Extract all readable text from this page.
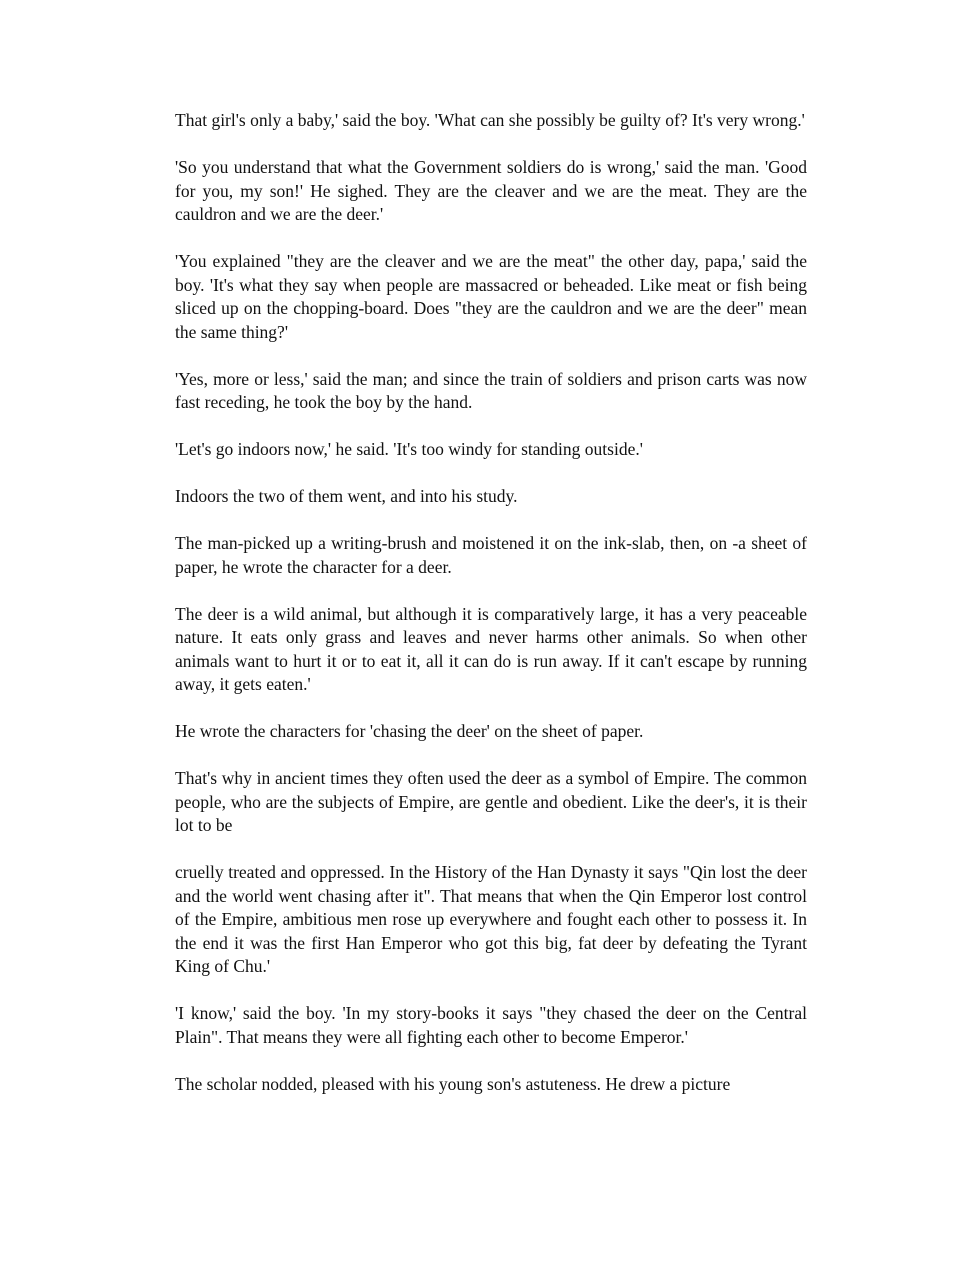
That girl's only a baby,' said the boy. 'What can she possibly be guilty of? It's very wrong.'

'So you understand that what the Government soldiers do is wrong,' said the man. 'Good for you, my son!' He sighed. They are the cleaver and we are the meat. They are the cauldron and we are the deer.'

'You explained "they are the cleaver and we are the meat" the other day, papa,' said the boy. 'It's what they say when people are massacred or beheaded. Like meat or fish being sliced up on the chopping-board. Does "they are the cauldron and we are the deer" mean the same thing?'

'Yes, more or less,' said the man; and since the train of soldiers and prison carts was now fast receding, he took the boy by the hand.

'Let's go indoors now,' he said. 'It's too windy for standing outside.'

Indoors the two of them went, and into his study.

The man-picked up a writing-brush and moistened it on the ink-slab, then, on -a sheet of paper, he wrote the character for a deer.

The deer is a wild animal, but although it is comparatively large, it has a very peaceable nature. It eats only grass and leaves and never harms other animals. So when other animals want to hurt it or to eat it, all it can do is run away. If it can't escape by running away, it gets eaten.'

He wrote the characters for 'chasing the deer' on the sheet of paper.

That's why in ancient times they often used the deer as a symbol of Empire. The common people, who are the subjects of Empire, are gentle and obedient. Like the deer's, it is their lot to be

cruelly treated and oppressed. In the History of the Han Dynasty it says "Qin lost the deer and the world went chasing after it". That means that when the Qin Emperor lost control of the Empire, ambitious men rose up everywhere and fought each other to possess it. In the end it was the first Han Emperor who got this big, fat deer by defeating the Tyrant King of Chu.'

'I know,' said the boy. 'In my story-books it says "they chased the deer on the Central Plain". That means they were all fighting each other to become Emperor.'

The scholar nodded, pleased with his young son's astuteness. He drew a picture
